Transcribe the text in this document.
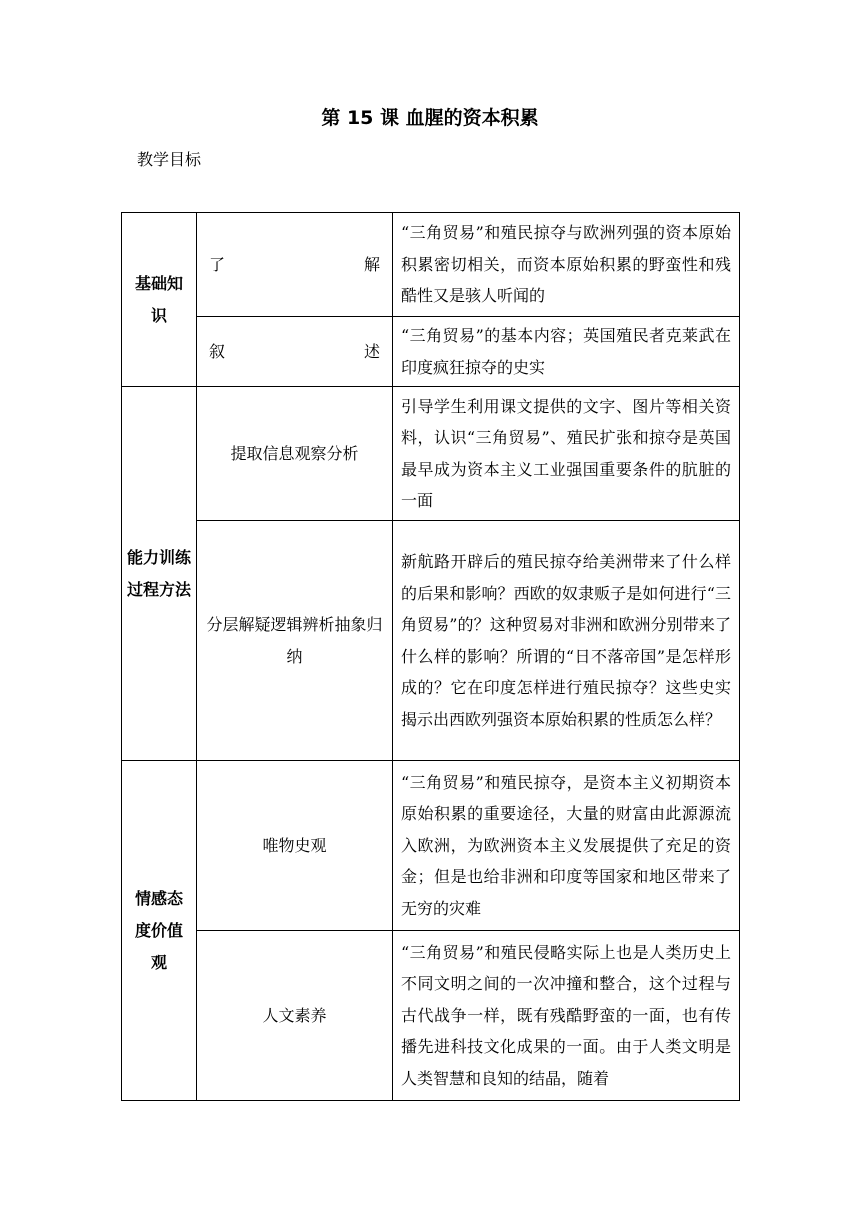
第 15 课 血腥的资本积累
教学目标
基础知识	了 解	“三角贸易”和殖民掠夺与欧洲列强的资本原始积累密切相关，而资本原始积累的野蛮性和残酷性又是骇人听闻的

	叙 述	“三角贸易”的基本内容；英国殖民者克莱武在印度疯狂掠夺的史实
能力训练过程方法	提取信息观察分析	引导学生利用课文提供的文字、图片等相关资料，认识“三角贸易”、殖民扩张和掠夺是英国最早成为资本主义工业强国重要条件的肮脏的一面
	分层解疑逻辑辨析抽象归纳	新航路开辟后的殖民掠夺给美洲带来了什么样的后果和影响？西欧的奴隶贩子是如何进行“三角贸易”的？这种贸易对非洲和欧洲分别带来了什么样的影响？所谓的“日不落帝国”是怎样形成的？它在印度怎样进行殖民掠夺？这些史实揭示出西欧列强资本原始积累的性质怎么样？
情感态度价值 观	唯物史观	“三角贸易”和殖民掠夺，是资本主义初期资本原始积累的重要途径，大量的财富由此源源流入欧洲，为欧洲资本主义发展提供了充足的资金；但是也给非洲和印度等国家和地区带来了无穷的灾难
	人文素养	“三角贸易”和殖民侵略实际上也是人类历史上不同文明之间的一次冲撞和整合，这个过程与古代战争一样，既有残酷野蛮的一面，也有传播先进科技文化成果的一面。由于人类文明是人类智慧和良知的结晶，随着
